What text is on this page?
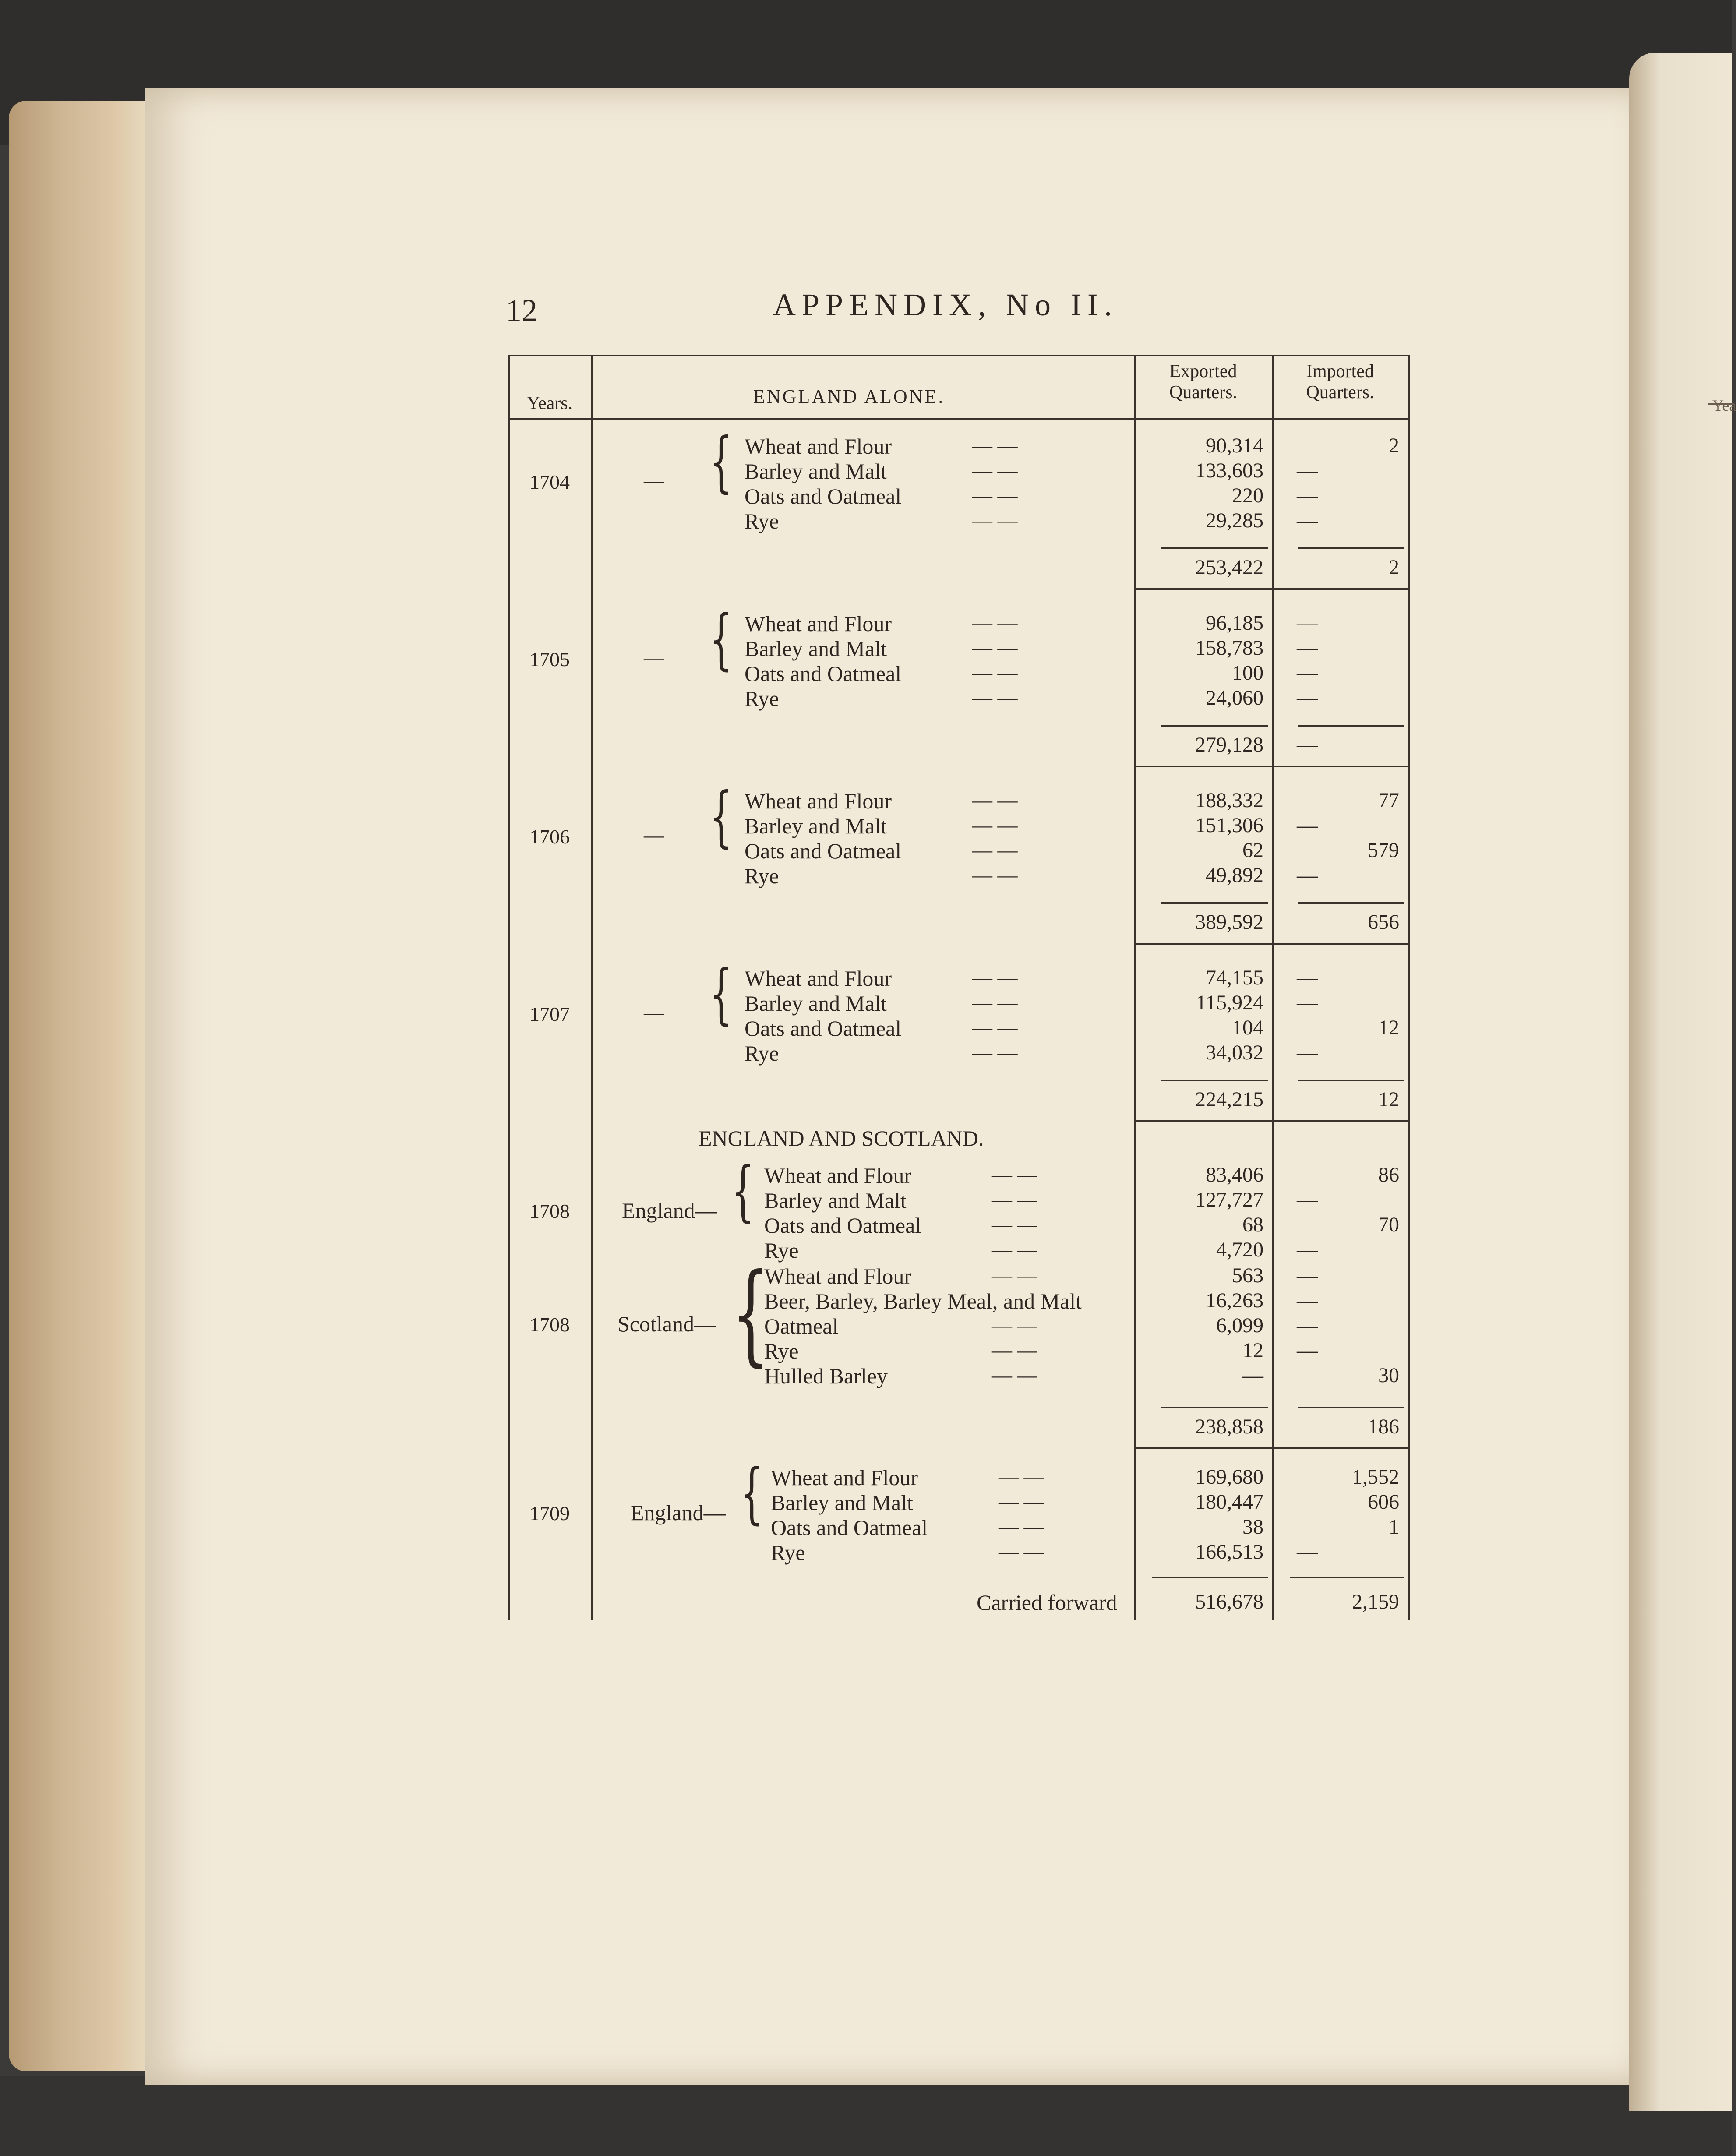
Yea
12	APPENDIX, No II.
Years.	ENGLAND ALONE.
Exported
Quarters.
Imported
Quarters.
1704	— { Wheat and Flour	— —	90,314	2
Barley and Malt	— —	133,603	—
Oats and Oatmeal	— —	220	—
Rye	— —	29,285	—
253,422	2
1705	— { Wheat and Flour	— —	96,185	—
Barley and Malt	— —	158,783	—
Oats and Oatmeal	— —	100	—
Rye	— —	24,060	—
279,128	—
1706	— { Wheat and Flour	— —	188,332	77
Barley and Malt	— —	151,306	—
Oats and Oatmeal	— —	62	579
Rye	— —	49,892	—
389,592	656
1707	— { Wheat and Flour	— —	74,155	—
Barley and Malt	— —	115,924	—
Oats and Oatmeal	— —	104	12
Rye	— —	34,032	—
224,215	12
ENGLAND AND SCOTLAND.
1708	England— { Wheat and Flour	— —	83,406	86
Barley and Malt	— —	127,727	—
Oats and Oatmeal	— —	68	70
Rye	— —	4,720	—
1708	Scotland— {
Wheat and Flour	— —	563	—
Beer, Barley, Barley Meal, and Malt	16,263	—
Oatmeal	— —	6,099	—
Rye	— —	12	—
Hulled Barley	— —	—	30
238,858	186
1709	England— { Wheat and Flour	— —	169,680	1,552
Barley and Malt	— —	180,447	606
Oats and Oatmeal	— —	38	1
Rye	— —	166,513	—
Carried forward	516,678	2,159
